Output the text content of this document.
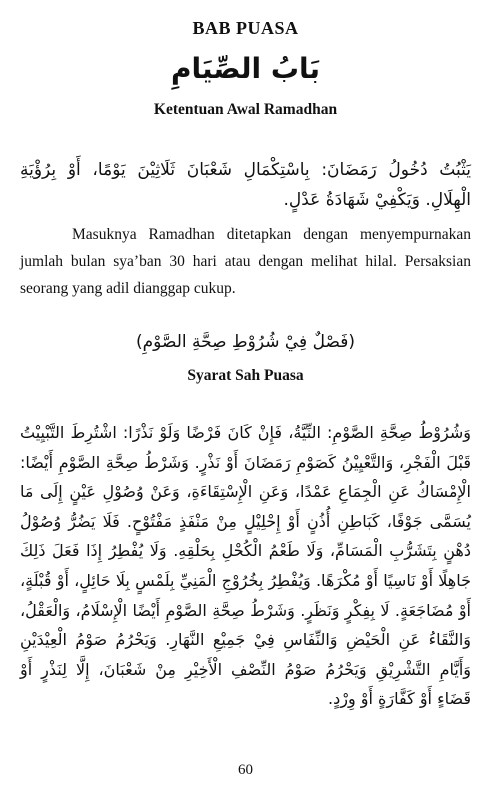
BAB PUASA
بَابُ الصِّيَامِ
Ketentuan Awal Ramadhan
يَثْبُتُ دُخُولُ رَمَضَانَ: بِاسْتِكْمَالِ شَعْبَانَ ثَلَاثِيْنَ يَوْمًا، أَوْ بِرُؤْيَةِ الْهِلَالِ. وَيَكْفِيْ شَهَادَةُ عَدْلٍ.
Masuknya Ramadhan ditetapkan dengan menyempurnakan jumlah bulan sya’ban 30 hari atau dengan melihat hilal. Persaksian seorang yang adil dianggap cukup.
(فَصْلٌ فِيْ شُرُوْطِ صِحَّةِ الصَّوْمِ)
Syarat Sah Puasa
وَشُرُوْطُ صِحَّةِ الصَّوْمِ: النِّيَّةُ، فَإِنْ كَانَ فَرْضًا وَلَوْ نَذْرًا: اشْتُرِطَ التَّبْيِيْتُ قَبْلَ الْفَجْرِ، وَالتَّعْيِيْنُ كَصَوْمِ رَمَضَانَ أَوْ نَذْرٍ. وَشَرْطُ صِحَّةِ الصَّوْمِ أَيْضًا: الْإِمْسَاكُ عَنِ الْجِمَاعِ عَمْدًا، وَعَنِ الْإِسْتِقَاءَةِ، وَعَنْ وُصُوْلِ عَيْنٍ إِلَى مَا يُسَمَّى جَوْفًا، كَبَاطِنِ أُذُنٍ أَوْ إِحْلِيْلٍ مِنْ مَنْفَذٍ مَفْتُوْحٍ. فَلَا يَضُرُّ وُصُوْلُ دُهْنٍ بِتَشَرُّبِ الْمَسَامِّ، وَلَا طَعْمُ الْكُحْلِ بِحَلْقِهِ. وَلَا يُفْطِرُ إِذَا فَعَلَ ذَلِكَ جَاهِلًا أَوْ نَاسِيًا أَوْ مُكْرَهًا. وَيُفْطِرُ بِخُرُوْجِ الْمَنِيِّ بِلَمْسٍ بِلَا حَائِلٍ، أَوْ قُبْلَةٍ، أَوْ مُضَاجَعَةٍ. لَا بِفِكْرٍ وَنَظَرٍ. وَشَرْطُ صِحَّةِ الصَّوْمِ أَيْضًا الْإِسْلَامُ، وَالْعَقْلُ، وَالنَّقَاءُ عَنِ الْحَيْضِ وَالنِّفَاسِ فِيْ جَمِيْعِ النَّهَارِ. وَيَحْرُمُ صَوْمُ الْعِيْدَيْنِ وَأَيَّامِ التَّشْرِيْقِ وَيَحْرُمُ صَوْمُ النِّصْفِ الْأَخِيْرِ مِنْ شَعْبَانَ، إِلَّا لِنَذْرٍ أَوْ قَضَاءٍ أَوْ كَفَّارَةٍ أَوْ وِرْدٍ.
60
